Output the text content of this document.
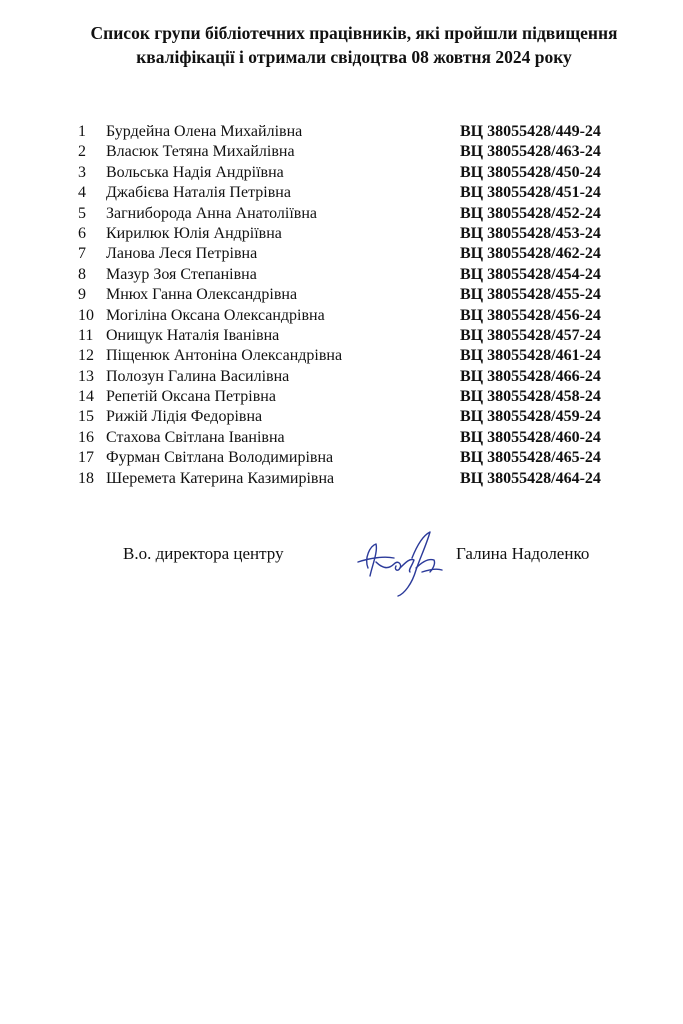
Список групи бібліотечних працівників, які пройшли підвищення
кваліфікації і отримали свідоцтва 08 жовтня 2024 року
1 Бурдейна Олена Михайлівна	ВЦ 38055428/449-24
2 Власюк Тетяна Михайлівна	ВЦ 38055428/463-24
3 Вольська Надія Андріївна	ВЦ 38055428/450-24
4 Джабієва Наталія Петрівна	ВЦ 38055428/451-24
5 Загниборода Анна Анатоліївна	ВЦ 38055428/452-24
6 Кирилюк Юлія Андріївна	ВЦ 38055428/453-24
7 Ланова Леся Петрівна	ВЦ 38055428/462-24
8 Мазур Зоя Степанівна	ВЦ 38055428/454-24
9 Мнюх Ганна Олександрівна	ВЦ 38055428/455-24
10 Могіліна Оксана Олександрівна	ВЦ 38055428/456-24
11 Онищук Наталія Іванівна	ВЦ 38055428/457-24
12 Піщенюк Антоніна Олександрівна	ВЦ 38055428/461-24
13 Полозун Галина Василівна	ВЦ 38055428/466-24
14 Репетій Оксана Петрівна	ВЦ 38055428/458-24
15 Рижій Лідія Федорівна	ВЦ 38055428/459-24
16 Стахова Світлана Іванівна	ВЦ 38055428/460-24
17 Фурман Світлана Володимирівна	ВЦ 38055428/465-24
18 Шеремета Катерина Казимирівна	ВЦ 38055428/464-24
В.о. директора центру	Галина Надоленко
